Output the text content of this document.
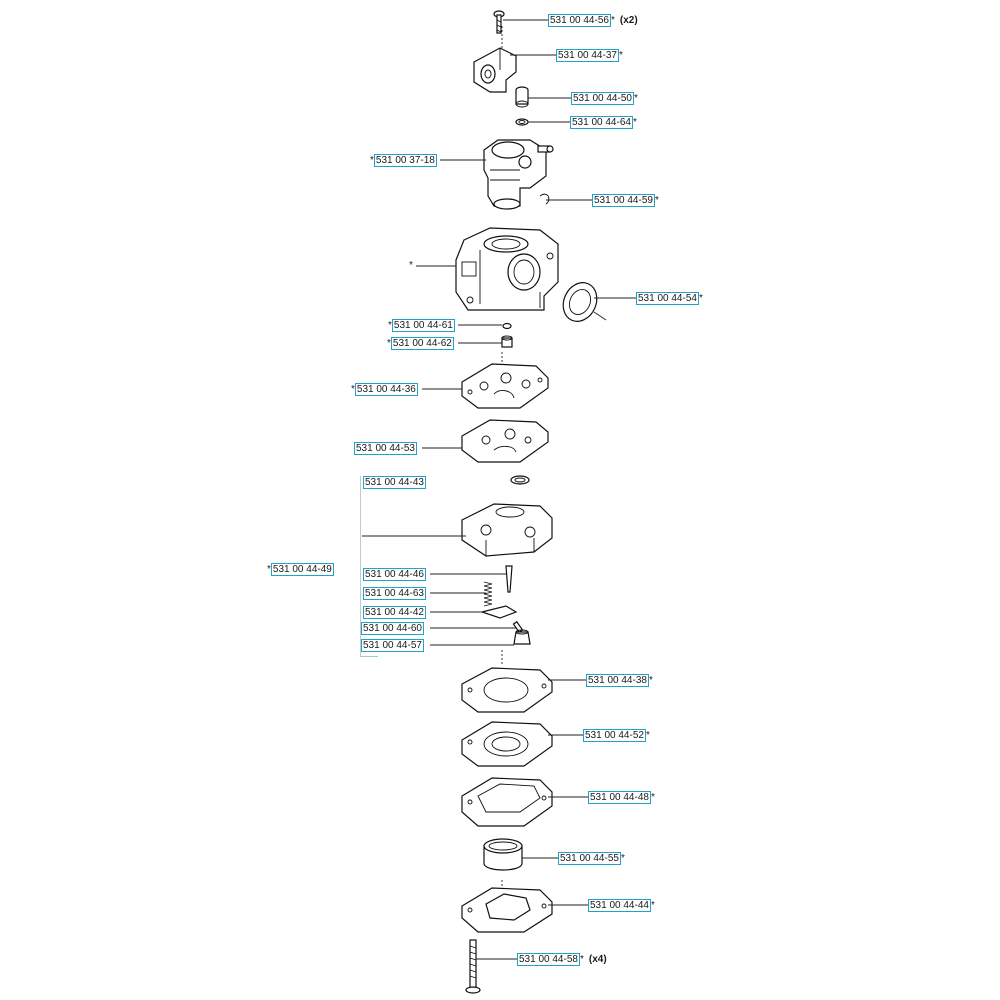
*
531 00 44-56 * (x2)
531 00 44-37 *
531 00 44-50 *
531 00 44-64 *
* 531 00 37-18
531 00 44-59 *
531 00 44-54 *
* 531 00 44-61
* 531 00 44-62
* 531 00 44-36
531 00 44-53
531 00 44-43
* 531 00 44-49	531 00 44-46
531 00 44-63
531 00 44-42
531 00 44-60
531 00 44-57
531 00 44-38 *
531 00 44-52 *
531 00 44-48 *
531 00 44-55 *
531 00 44-44 *
531 00 44-58 * (x4)
